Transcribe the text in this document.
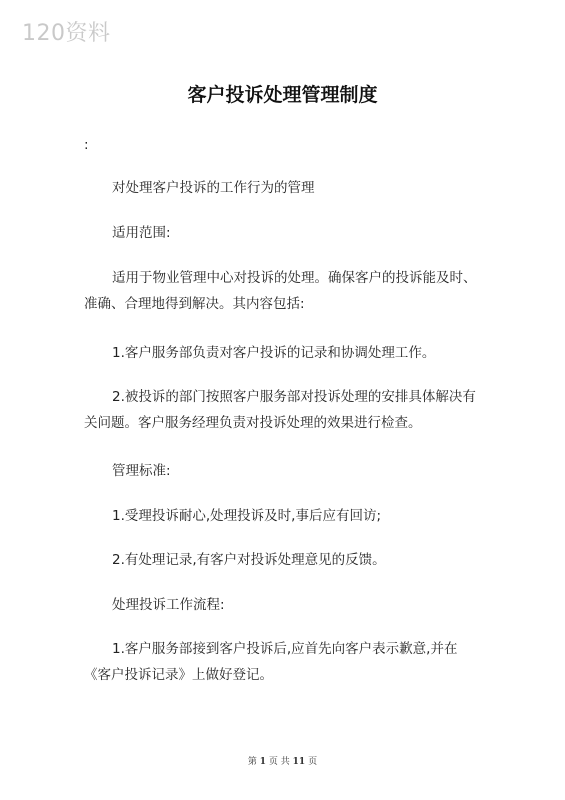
120资料
客户投诉处理管理制度
:
对处理客户投诉的工作行为的管理
适用范围:
适用于物业管理中心对投诉的处理。确保客户的投诉能及时、准确、合理地得到解决。其内容包括:
1.客户服务部负责对客户投诉的记录和协调处理工作。
2.被投诉的部门按照客户服务部对投诉处理的安排具体解决有关问题。客户服务经理负责对投诉处理的效果进行检查。
管理标准:
1.受理投诉耐心,处理投诉及时,事后应有回访;
2.有处理记录,有客户对投诉处理意见的反馈。
处理投诉工作流程:
1.客户服务部接到客户投诉后,应首先向客户表示歉意,并在《客户投诉记录》上做好登记。
第 1 页 共 11 页
